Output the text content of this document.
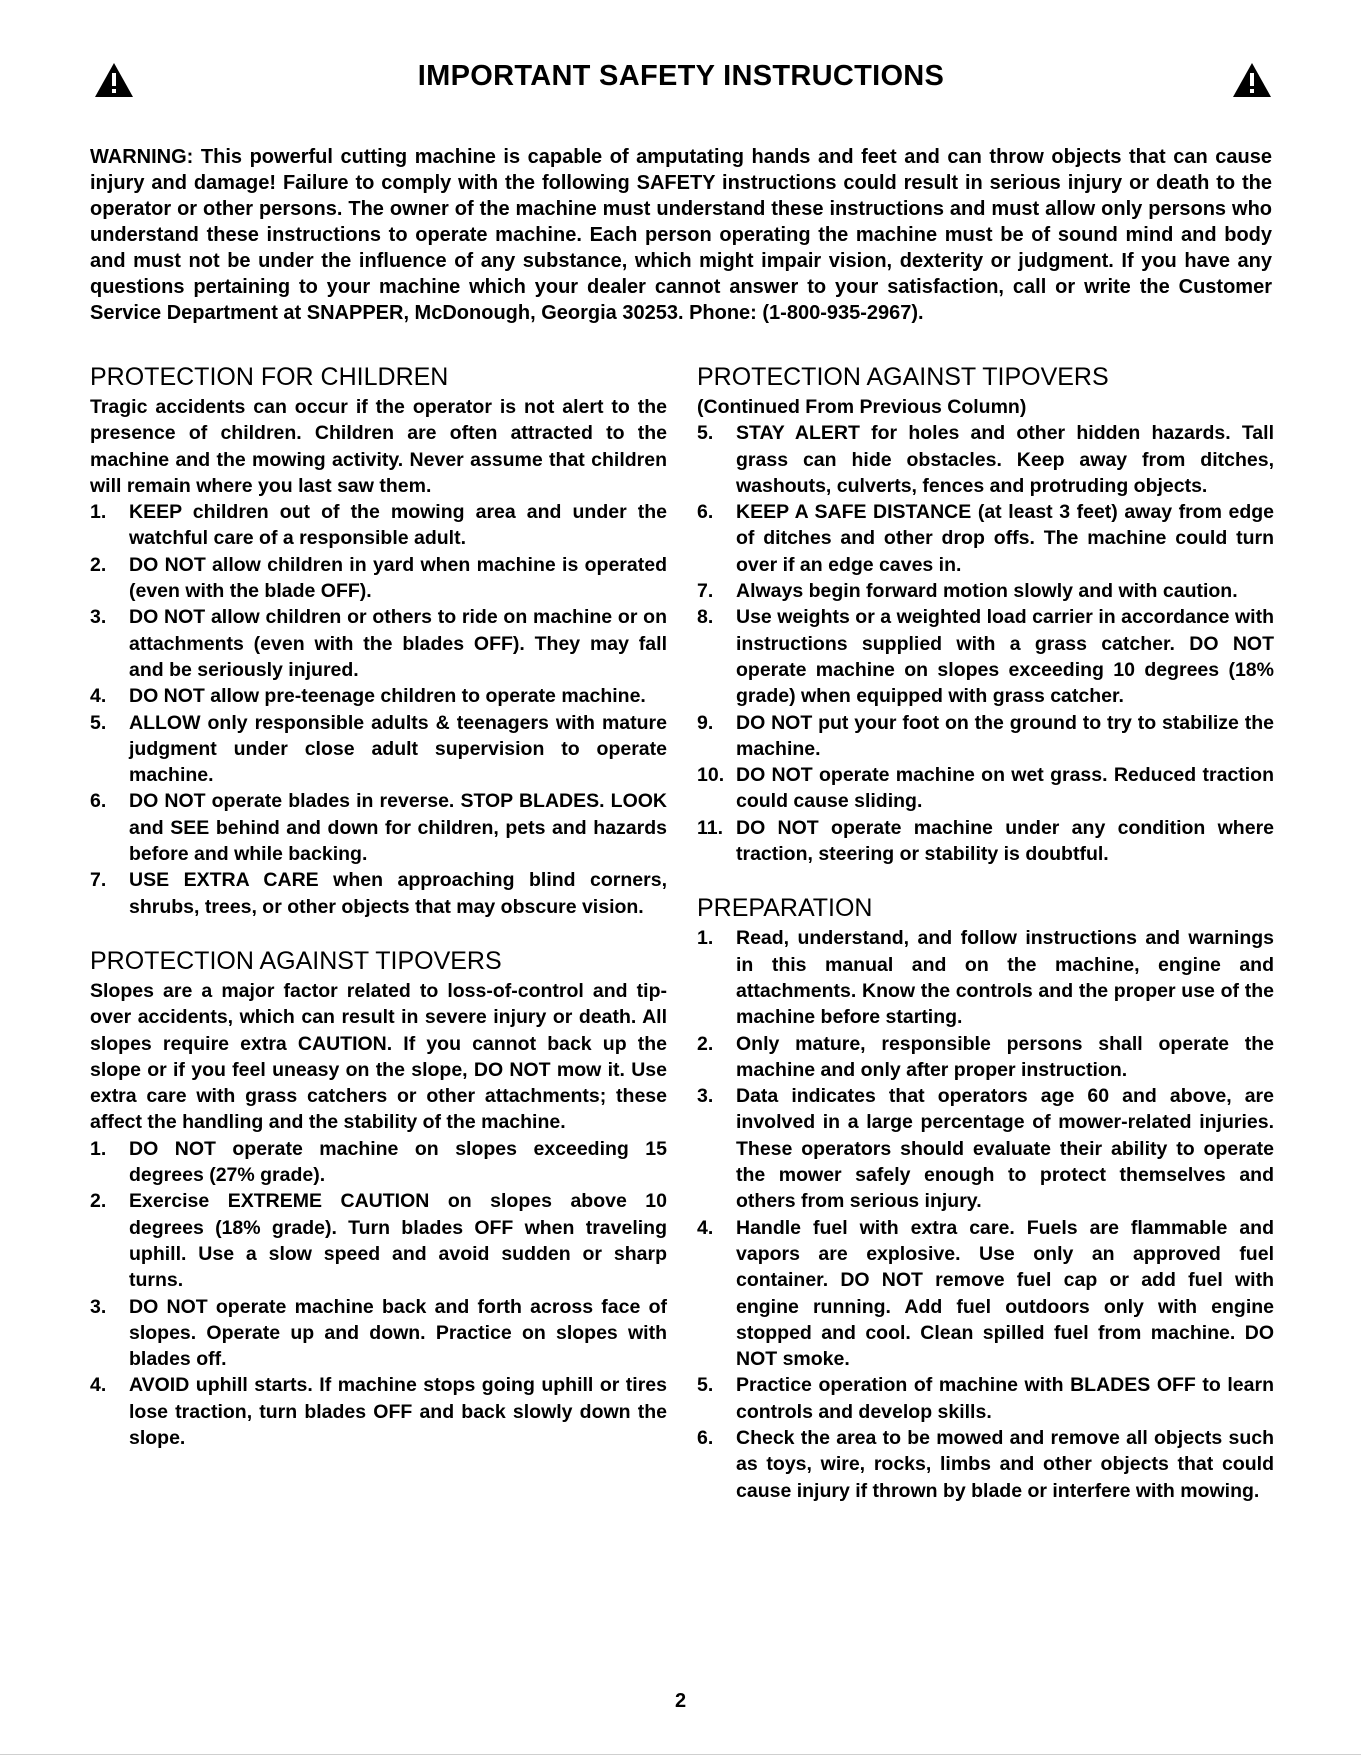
IMPORTANT SAFETY INSTRUCTIONS

WARNING: This powerful cutting machine is capable of amputating hands and feet and can throw objects that can cause injury and damage! Failure to comply with the following SAFETY instructions could result in serious injury or death to the operator or other persons. The owner of the machine must understand these instructions and must allow only persons who understand these instructions to operate machine. Each person operating the machine must be of sound mind and body and must not be under the influence of any substance, which might impair vision, dexterity or judgment. If you have any questions pertaining to your machine which your dealer cannot answer to your satisfaction, call or write the Customer Service Department at SNAPPER, McDonough, Georgia 30253. Phone: (1-800-935-2967).

PROTECTION FOR CHILDREN

Tragic accidents can occur if the operator is not alert to the presence of children. Children are often attracted to the machine and the mowing activity. Never assume that children will remain where you last saw them.

1. KEEP children out of the mowing area and under the watchful care of a responsible adult.
2. DO NOT allow children in yard when machine is operated (even with the blade OFF).
3. DO NOT allow children or others to ride on machine or on attachments (even with the blades OFF). They may fall and be seriously injured.
4. DO NOT allow pre-teenage children to operate machine.
5. ALLOW only responsible adults & teenagers with mature judgment under close adult supervision to operate machine.
6. DO NOT operate blades in reverse. STOP BLADES. LOOK and SEE behind and down for children, pets and hazards before and while backing.
7. USE EXTRA CARE when approaching blind corners, shrubs, trees, or other objects that may obscure vision.
PROTECTION AGAINST TIPOVERS

Slopes are a major factor related to loss-of-control and tip-over accidents, which can result in severe injury or death. All slopes require extra CAUTION. If you cannot back up the slope or if you feel uneasy on the slope, DO NOT mow it. Use extra care with grass catchers or other attachments; these affect the handling and the stability of the machine.

1. DO NOT operate machine on slopes exceeding 15 degrees (27% grade).
2. Exercise EXTREME CAUTION on slopes above 10 degrees (18% grade). Turn blades OFF when traveling uphill. Use a slow speed and avoid sudden or sharp turns.
3. DO NOT operate machine back and forth across face of slopes. Operate up and down. Practice on slopes with blades off.
4. AVOID uphill starts. If machine stops going uphill or tires lose traction, turn blades OFF and back slowly down the slope.
PROTECTION AGAINST TIPOVERS

(Continued From Previous Column)

5. STAY ALERT for holes and other hidden hazards. Tall grass can hide obstacles. Keep away from ditches, washouts, culverts, fences and protruding objects.
6. KEEP A SAFE DISTANCE (at least 3 feet) away from edge of ditches and other drop offs. The machine could turn over if an edge caves in.
7. Always begin forward motion slowly and with caution.
8. Use weights or a weighted load carrier in accordance with instructions supplied with a grass catcher. DO NOT operate machine on slopes exceeding 10 degrees (18% grade) when equipped with grass catcher.
9. DO NOT put your foot on the ground to try to stabilize the machine.
10. DO NOT operate machine on wet grass. Reduced traction could cause sliding.
11. DO NOT operate machine under any condition where traction, steering or stability is doubtful.
PREPARATION
1. Read, understand, and follow instructions and warnings in this manual and on the machine, engine and attachments. Know the controls and the proper use of the machine before starting.
2. Only mature, responsible persons shall operate the machine and only after proper instruction.
3. Data indicates that operators age 60 and above, are involved in a large percentage of mower-related injuries. These operators should evaluate their ability to operate the mower safely enough to protect themselves and others from serious injury.
4. Handle fuel with extra care. Fuels are flammable and vapors are explosive. Use only an approved fuel container. DO NOT remove fuel cap or add fuel with engine running. Add fuel outdoors only with engine stopped and cool. Clean spilled fuel from machine. DO NOT smoke.
5. Practice operation of machine with BLADES OFF to learn controls and develop skills.
6. Check the area to be mowed and remove all objects such as toys, wire, rocks, limbs and other objects that could cause injury if thrown by blade or interfere with mowing.
2
